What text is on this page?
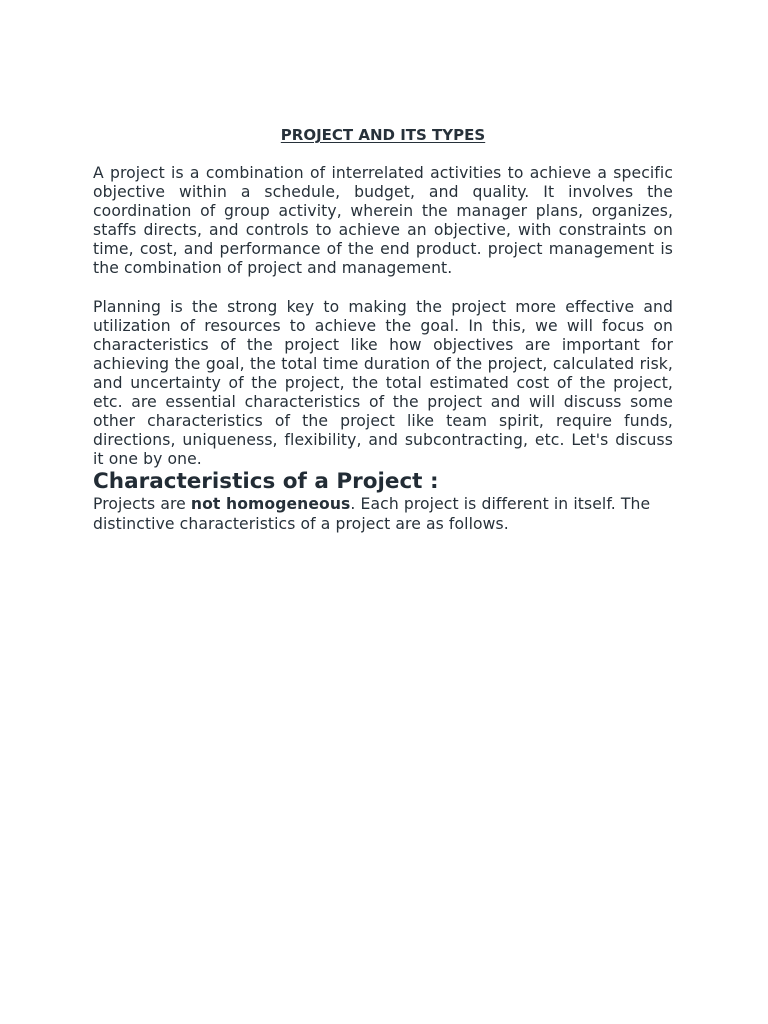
PROJECT AND ITS TYPES

A project is a combination of interrelated activities to achieve a specific objective within a schedule, budget, and quality. It involves the coordination of group activity, wherein the manager plans, organizes, staffs directs, and controls to achieve an objective, with constraints on time, cost, and performance of the end product. project management is the combination of project and management.

Planning is the strong key to making the project more effective and utilization of resources to achieve the goal. In this, we will focus on characteristics of the project like how objectives are important for achieving the goal, the total time duration of the project, calculated risk, and uncertainty of the project, the total estimated cost of the project, etc. are essential characteristics of the project and will discuss some other characteristics of the project like team spirit, require funds, directions, uniqueness, flexibility, and subcontracting, etc. Let's discuss it one by one.

Characteristics of a Project :

Projects are not homogeneous. Each project is different in itself. The distinctive characteristics of a project are as follows.
